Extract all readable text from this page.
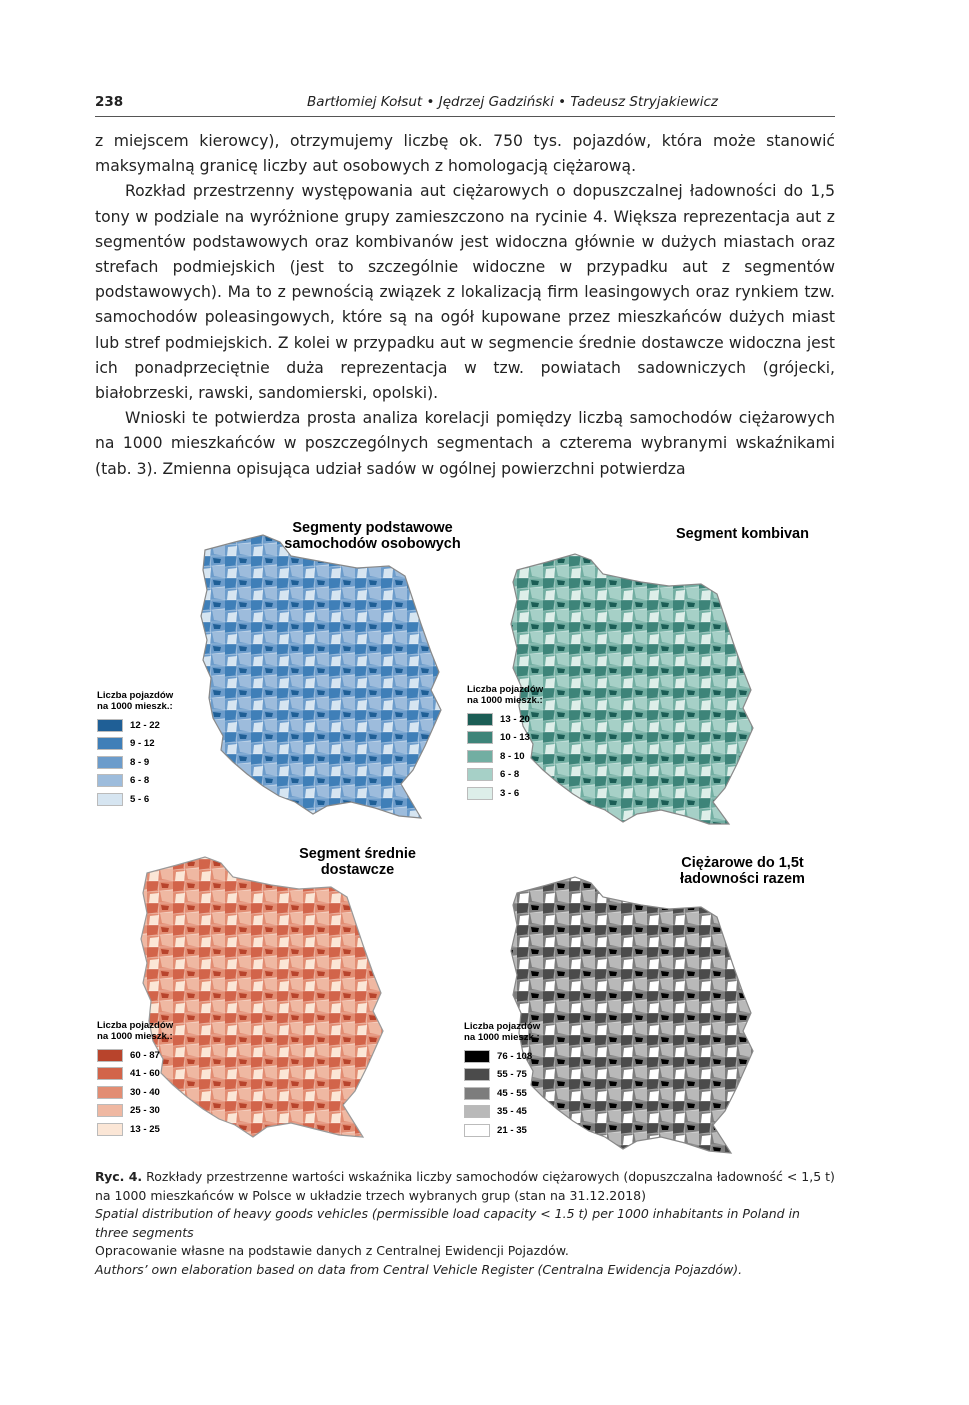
238	Bartłomiej Kołsut • Jędrzej Gadziński • Tadeusz Stryjakiewicz

z miejscem kierowcy), otrzymujemy liczbę ok. 750 tys. pojazdów, która może stanowić maksymalną granicę liczby aut osobowych z homologacją ciężarową.

Rozkład przestrzenny występowania aut ciężarowych o dopuszczalnej ładowności do 1,5 tony w podziale na wyróżnione grupy zamieszczono na rycinie 4. Większa reprezentacja aut z segmentów podstawowych oraz kombivanów jest widoczna głównie w dużych miastach oraz strefach podmiejskich (jest to szczególnie widoczne w przypadku aut z segmentów podstawowych). Ma to z pewnością związek z lokalizacją firm leasingowych oraz rynkiem tzw. samochodów poleasingowych, które są na ogół kupowane przez mieszkańców dużych miast lub stref podmiejskich. Z kolei w przypadku aut w segmencie średnie dostawcze widoczna jest ich ponadprzeciętnie duża reprezentacja w tzw. powiatach sadowniczych (grójecki, białobrzeski, rawski, sandomierski, opolski).

Wnioski te potwierdza prosta analiza korelacji pomiędzy liczbą samochodów ciężarowych na 1000 mieszkańców w poszczególnych segmentach a czterema wybranymi wskaźnikami (tab. 3). Zmienna opisująca udział sadów w ogólnej powierzchni potwierdza

Segmenty podstawowe samochodów osobowych
Liczba pojazdów na 1000 mieszk.:
12 - 22
9 - 12
8 - 9
6 - 8
5 - 6
Segment kombivan
Liczba pojazdów na 1000 mieszk.:
13 - 20
10 - 13
8 - 10
6 - 8
3 - 6
Segment średnie dostawcze
Liczba pojazdów na 1000 mieszk.:
60 - 87
41 - 60
30 - 40
25 - 30
13 - 25
Ciężarowe do 1,5t ładowności razem
Liczba pojazdów na 1000 mieszk.:
76 - 108
55 - 75
45 - 55
35 - 45
21 - 35
Ryc. 4. Rozkłady przestrzenne wartości wskaźnika liczby samochodów ciężarowych (dopuszczalna ładowność < 1,5 t) na 1000 mieszkańców w Polsce w układzie trzech wybranych grup (stan na 31.12.2018)
Spatial distribution of heavy goods vehicles (permissible load capacity < 1.5 t) per 1000 inhabitants in Poland in three segments
Opracowanie własne na podstawie danych z Centralnej Ewidencji Pojazdów.
Authors’ own elaboration based on data from Central Vehicle Register (Centralna Ewidencja Pojazdów).
